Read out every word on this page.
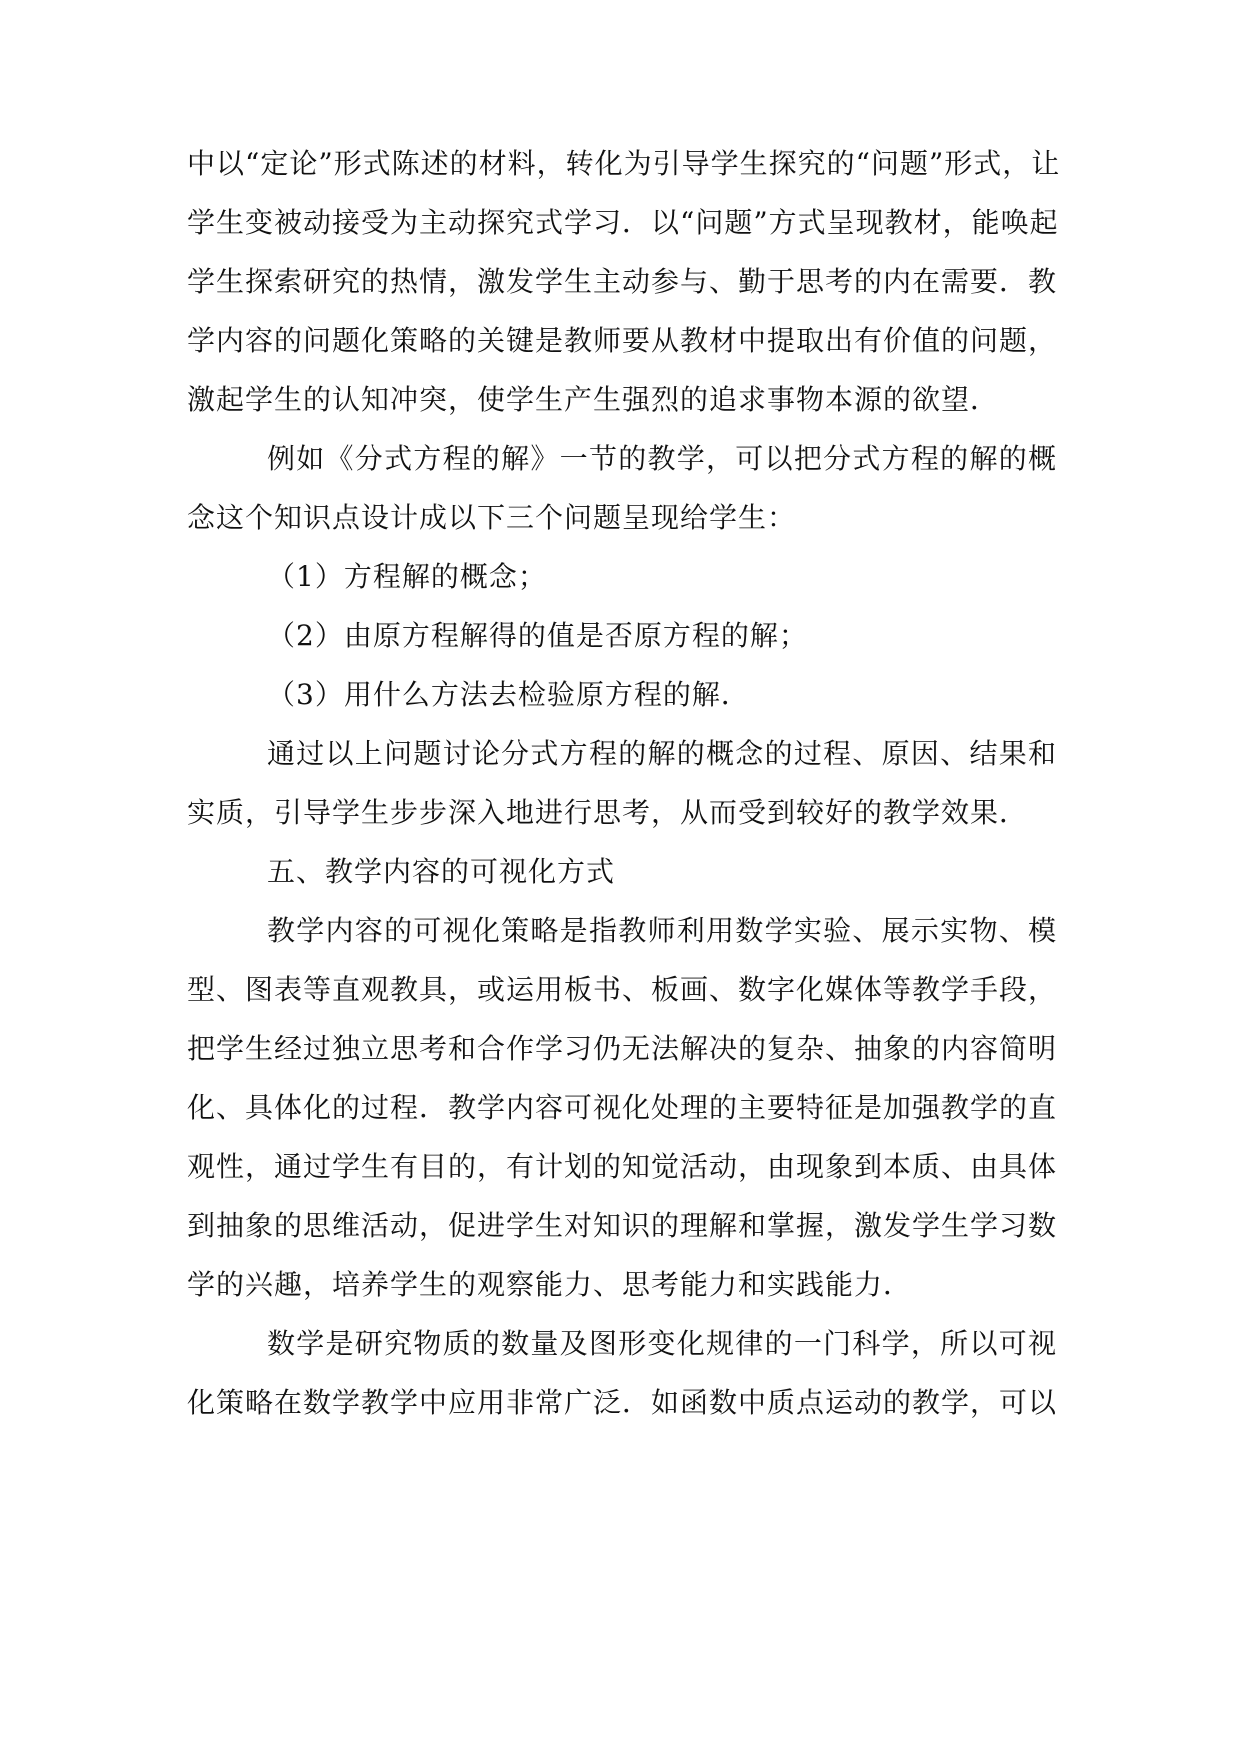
中以“定论”形式陈述的材料，转化为引导学生探究的“问题”形式，让
学生变被动接受为主动探究式学习．以“问题”方式呈现教材，能唤起
学生探索研究的热情，激发学生主动参与、勤于思考的内在需要．教
学内容的问题化策略的关键是教师要从教材中提取出有价值的问题，
激起学生的认知冲突，使学生产生强烈的追求事物本源的欲望．
例如《分式方程的解》一节的教学，可以把分式方程的解的概
念这个知识点设计成以下三个问题呈现给学生：
（1）方程解的概念；
（2）由原方程解得的值是否原方程的解；
（3）用什么方法去检验原方程的解．
通过以上问题讨论分式方程的解的概念的过程、原因、结果和
实质，引导学生步步深入地进行思考，从而受到较好的教学效果．
五、教学内容的可视化方式
教学内容的可视化策略是指教师利用数学实验、展示实物、模
型、图表等直观教具，或运用板书、板画、数字化媒体等教学手段，
把学生经过独立思考和合作学习仍无法解决的复杂、抽象的内容简明
化、具体化的过程．教学内容可视化处理的主要特征是加强教学的直
观性，通过学生有目的，有计划的知觉活动，由现象到本质、由具体
到抽象的思维活动，促进学生对知识的理解和掌握，激发学生学习数
学的兴趣，培养学生的观察能力、思考能力和实践能力．
数学是研究物质的数量及图形变化规律的一门科学，所以可视
化策略在数学教学中应用非常广泛．如函数中质点运动的教学，可以
